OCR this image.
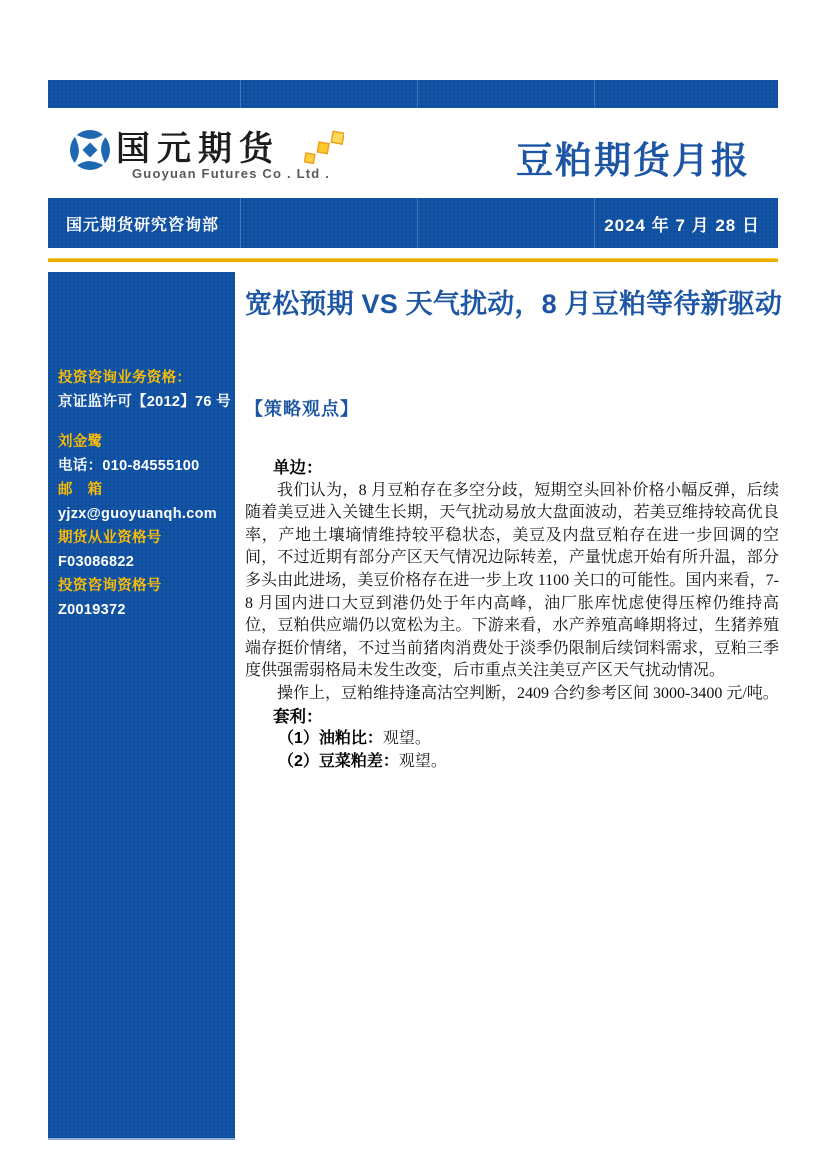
国元期货
Guoyuan Futures Co . Ltd .	豆粕期货月报
国元期货研究咨询部	2024 年 7 月 28 日
投资咨询业务资格：
京证监许可【2012】76 号
刘金鹭
电话：010-84555100
邮　箱
yjzx@guoyuanqh.com
期货从业资格号
F03086822
投资咨询资格号
Z0019372
宽松预期 VS 天气扰动，8 月豆粕等待新驱动
【策略观点】
单边：
我们认为，8 月豆粕存在多空分歧，短期空头回补价格小幅反弹，后续随着美豆进入关键生长期，天气扰动易放大盘面波动，若美豆维持较高优良率，产地土壤墒情维持较平稳状态，美豆及内盘豆粕存在进一步回调的空间，不过近期有部分产区天气情况边际转差，产量忧虑开始有所升温，部分多头由此进场，美豆价格存在进一步上攻 1100 关口的可能性。国内来看，7-8 月国内进口大豆到港仍处于年内高峰，油厂胀库忧虑使得压榨仍维持高位，豆粕供应端仍以宽松为主。下游来看，水产养殖高峰期将过，生猪养殖端存挺价情绪，不过当前猪肉消费处于淡季仍限制后续饲料需求，豆粕三季度供强需弱格局未发生改变，后市重点关注美豆产区天气扰动情况。
操作上，豆粕维持逢高沽空判断，2409 合约参考区间 3000-3400 元/吨。
套利：
（1）油粕比：观望。
（2）豆菜粕差：观望。
